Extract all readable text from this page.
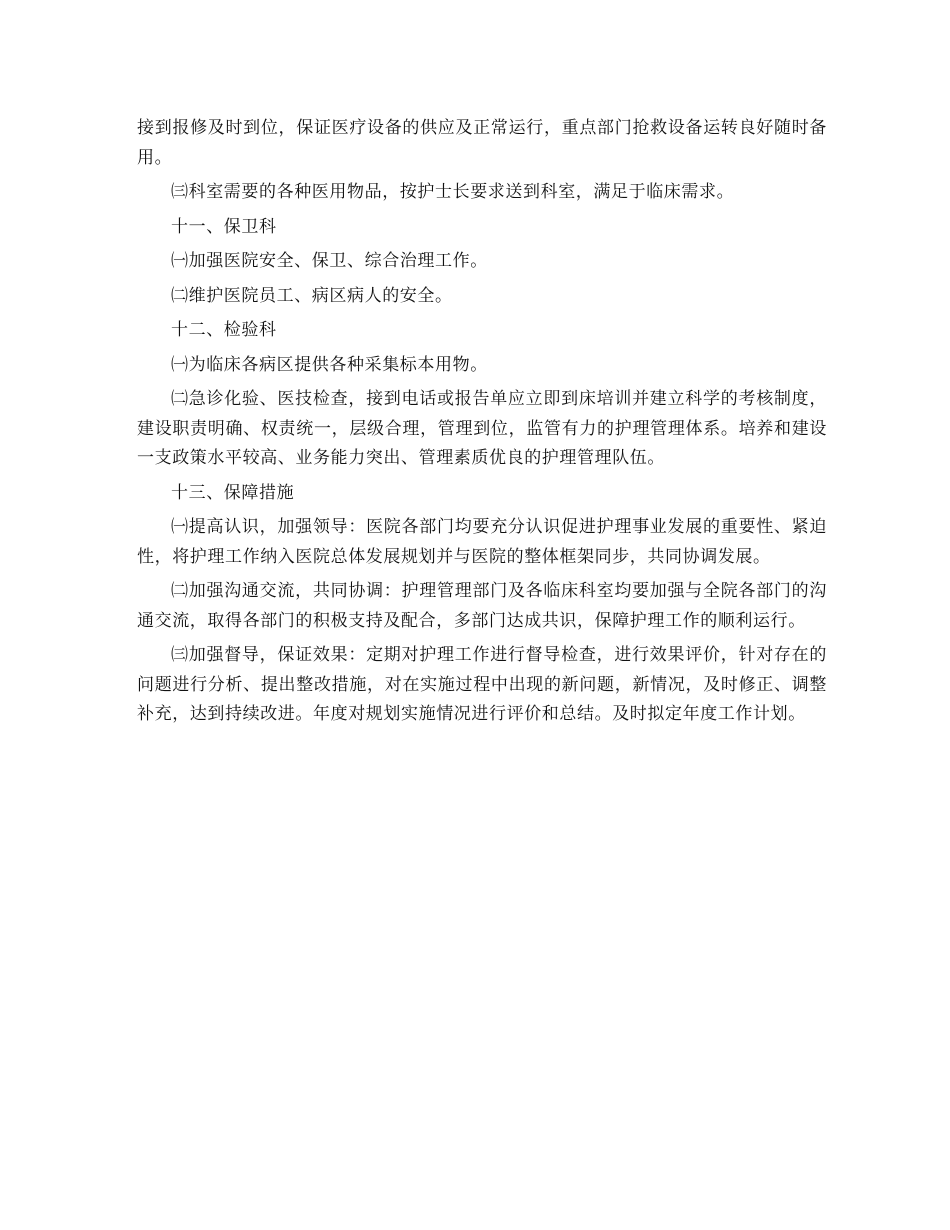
接到报修及时到位，保证医疗设备的供应及正常运行，重点部门抢救设备运转良好随时备用。

㈢科室需要的各种医用物品，按护士长要求送到科室，满足于临床需求。

十一、保卫科

㈠加强医院安全、保卫、综合治理工作。

㈡维护医院员工、病区病人的安全。

十二、检验科

㈠为临床各病区提供各种采集标本用物。

㈡急诊化验、医技检查，接到电话或报告单应立即到床培训并建立科学的考核制度，建设职责明确、权责统一，层级合理，管理到位，监管有力的护理管理体系。培养和建设一支政策水平较高、业务能力突出、管理素质优良的护理管理队伍。

十三、保障措施

㈠提高认识，加强领导：医院各部门均要充分认识促进护理事业发展的重要性、紧迫性，将护理工作纳入医院总体发展规划并与医院的整体框架同步，共同协调发展。

㈡加强沟通交流，共同协调：护理管理部门及各临床科室均要加强与全院各部门的沟通交流，取得各部门的积极支持及配合，多部门达成共识，保障护理工作的顺利运行。

㈢加强督导，保证效果：定期对护理工作进行督导检查，进行效果评价，针对存在的问题进行分析、提出整改措施，对在实施过程中出现的新问题，新情况，及时修正、调整补充，达到持续改进。年度对规划实施情况进行评价和总结。及时拟定年度工作计划。
